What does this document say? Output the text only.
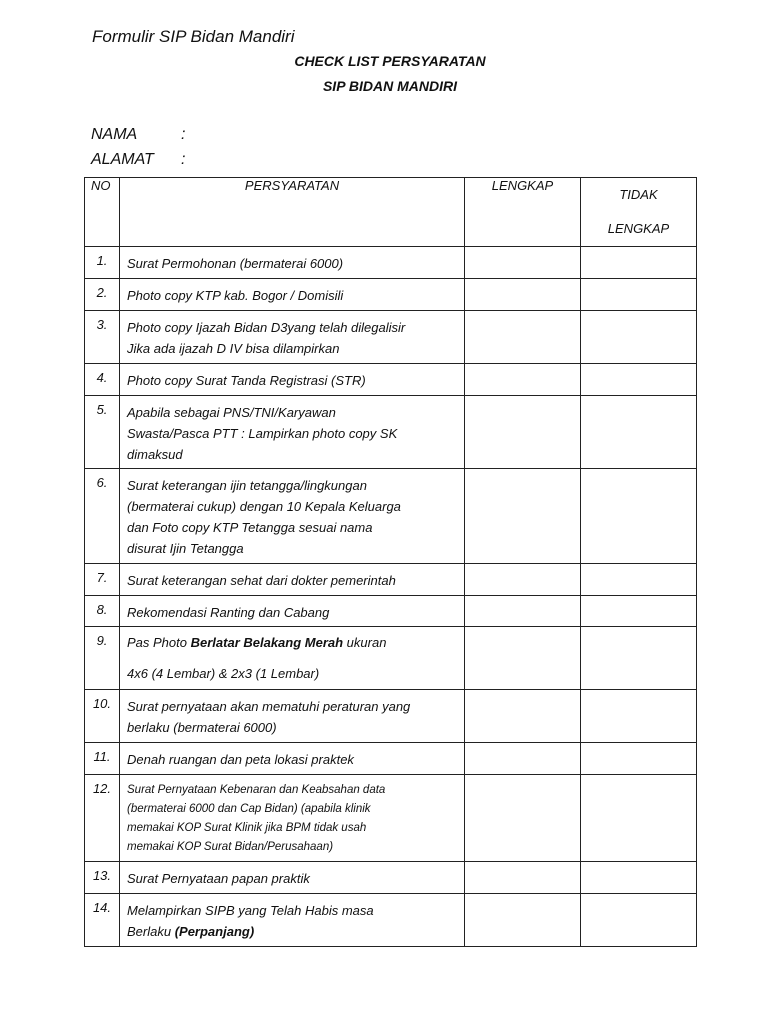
Formulir SIP Bidan Mandiri
CHECK LIST PERSYARATAN
SIP BIDAN MANDIRI
NAMA	:
ALAMAT :
NO	PERSYARATAN	LENGKAP	TIDAK
LENGKAP
1.	Surat Permohonan (bermaterai 6000)		
2.	Photo copy KTP kab. Bogor / Domisili		
3.	Photo copy Ijazah Bidan D3yang telah dilegalisir
Jika ada ijazah D IV bisa dilampirkan		
4.	Photo copy Surat Tanda Registrasi (STR)		
5.	Apabila sebagai PNS/TNI/Karyawan
Swasta/Pasca PTT : Lampirkan photo copy SK
dimaksud		
6.	Surat keterangan ijin tetangga/lingkungan
(bermaterai cukup) dengan 10 Kepala Keluarga
dan Foto copy KTP Tetangga sesuai nama
disurat Ijin Tetangga		
7.	Surat keterangan sehat dari dokter pemerintah		
8.	Rekomendasi Ranting dan Cabang		
9.	Pas Photo Berlatar Belakang Merah ukuran
4x6 (4 Lembar) & 2x3 (1 Lembar)		
10.	Surat pernyataan akan mematuhi peraturan yang
berlaku (bermaterai 6000)		
11.	Denah ruangan dan peta lokasi praktek		
12.	Surat Pernyataan Kebenaran dan Keabsahan data
(bermaterai 6000 dan Cap Bidan) (apabila klinik
memakai KOP Surat Klinik jika BPM tidak usah
memakai KOP Surat Bidan/Perusahaan)		
13.	Surat Pernyataan papan praktik		
14.	Melampirkan SIPB yang Telah Habis masa
Berlaku (Perpanjang)		
